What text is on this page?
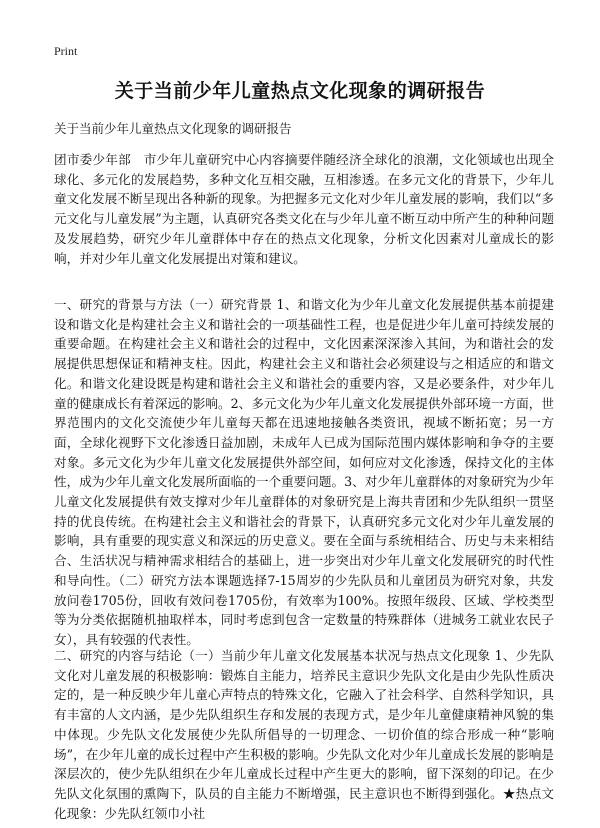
Print
关于当前少年儿童热点文化现象的调研报告
关于当前少年儿童热点文化现象的调研报告

团市委少年部　市少年儿童研究中心内容摘要伴随经济全球化的浪潮，文化领域也出现全球化、多元化的发展趋势，多种文化互相交融，互相渗透。在多元文化的背景下，少年儿童文化发展不断呈现出各种新的现象。为把握多元文化对少年儿童发展的影响，我们以“多元文化与儿童发展”为主题，认真研究各类文化在与少年儿童不断互动中所产生的种种问题及发展趋势，研究少年儿童群体中存在的热点文化现象，分析文化因素对儿童成长的影响，并对少年儿童文化发展提出对策和建议。

一、研究的背景与方法（一）研究背景 1、和谐文化为少年儿童文化发展提供基本前提建设和谐文化是构建社会主义和谐社会的一项基础性工程，也是促进少年儿童可持续发展的重要命题。在构建社会主义和谐社会的过程中，文化因素深深渗入其间，为和谐社会的发展提供思想保证和精神支柱。因此，构建社会主义和谐社会必须建设与之相适应的和谐文化。和谐文化建设既是构建和谐社会主义和谐社会的重要内容，又是必要条件，对少年儿童的健康成长有着深远的影响。2、多元文化为少年儿童文化发展提供外部环境一方面，世界范围内的文化交流使少年儿童每天都在迅速地接触各类资讯，视域不断拓宽；另一方面，全球化视野下文化渗透日益加剧，未成年人已成为国际范围内媒体影响和争夺的主要对象。多元文化为少年儿童文化发展提供外部空间，如何应对文化渗透，保持文化的主体性，成为少年儿童文化发展所面临的一个重要问题。3、对少年儿童群体的对象研究为少年儿童文化发展提供有效支撑对少年儿童群体的对象研究是上海共青团和少先队组织一贯坚持的优良传统。在构建社会主义和谐社会的背景下，认真研究多元文化对少年儿童发展的影响，具有重要的现实意义和深远的历史意义。要在全面与系统相结合、历史与未来相结合、生活状况与精神需求相结合的基础上，进一步突出对少年儿童文化发展研究的时代性和导向性。（二）研究方法本课题选择7-15周岁的少先队员和儿童团员为研究对象，共发放问卷1705份，回收有效问卷1705份，有效率为100%。按照年级段、区域、学校类型等为分类依据随机抽取样本，同时考虑到包含一定数量的特殊群体（进城务工就业农民子女），具有较强的代表性。

二、研究的内容与结论（一）当前少年儿童文化发展基本状况与热点文化现象 1、少先队文化对儿童发展的积极影响：锻炼自主能力，培养民主意识少先队文化是由少先队性质决定的，是一种反映少年儿童心声特点的特殊文化，它融入了社会科学、自然科学知识，具有丰富的人文内涵，是少先队组织生存和发展的表现方式，是少年儿童健康精神风貌的集中体现。少先队文化发展使少先队所倡导的一切理念、一切价值的综合形成一种“影响场”，在少年儿童的成长过程中产生积极的影响。少先队文化对少年儿童成长发展的影响是深层次的，使少先队组织在少年儿童成长过程中产生更大的影响，留下深刻的印记。在少先队文化氛围的熏陶下，队员的自主能力不断增强，民主意识也不断得到强化。★热点文化现象：少先队红领巾小社
